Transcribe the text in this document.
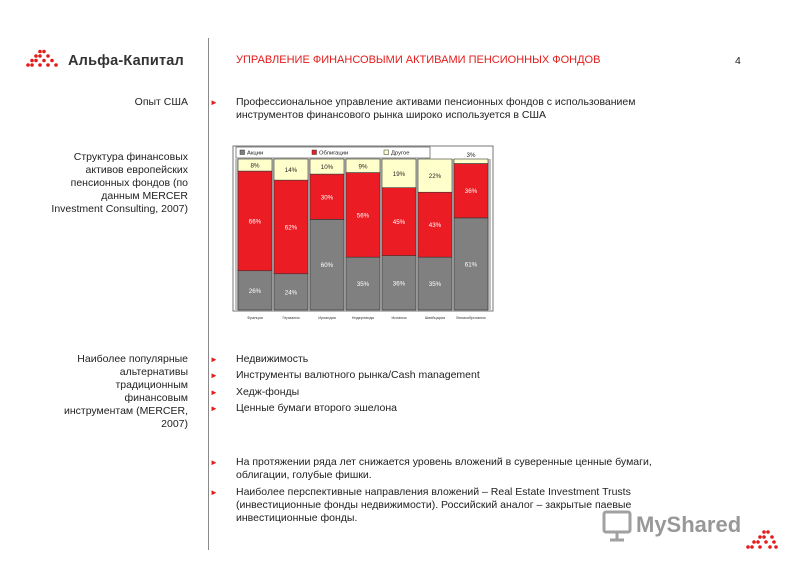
Альфа-Капитал	УПРАВЛЕНИЕ ФИНАНСОВЫМИ АКТИВАМИ ПЕНСИОННЫХ ФОНДОВ	4
Опыт США
Структура финансовых активов европейских пенсионных фондов (по данным MERCER Investment Consulting, 2007)
Наиболее популярные альтернативы традиционным финансовым инструментам (MERCER, 2007)
►	Профессиональное управление активами пенсионных фондов с использованием инструментов финансового рынка широко используется в США
26%
66%
8%
Франция
24%
62%
14%
Германия
60%
30%
10%
Ирландия
35%
56%
9%
Нидерланды
36%
45%
19%
Испания
35%
43%
22%
Швейцария
61%
36%
3%
Великобритания
Акции	Облигации	Другое
►	Недвижимость
►	Инструменты валютного рынка/Cash management
►	Хедж-фонды
►	Ценные бумаги второго эшелона
►	На протяжении ряда лет снижается уровень вложений в суверенные ценные бумаги, облигации, голубые фишки.
►	Наиболее перспективные направления вложений – Real Estate Investment Trusts (инвестиционные фонды недвижимости). Российский аналог – закрытые паевые инвестиционные фонды.	MyShared
